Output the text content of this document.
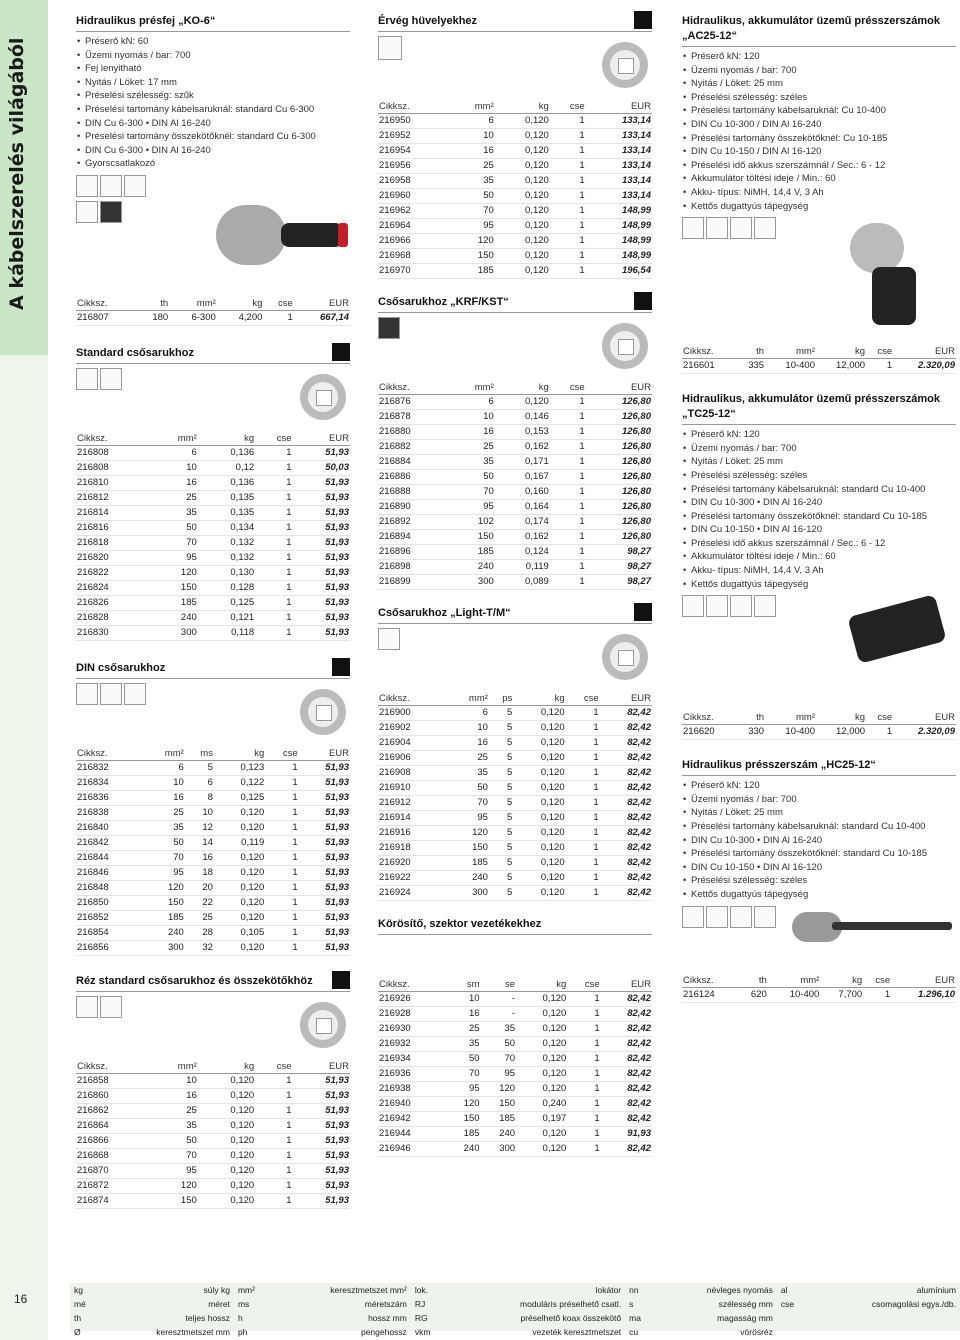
A kábelszerelés világából
16
Hidraulikus présfej „KO-6“
• Préserő kN: 60
• Üzemi nyomás / bar: 700
• Fej lenyitható
• Nyitás / Löket: 17 mm
• Préselési szélesség: szűk
• Préselési tartomány kábelsaruknál: standard Cu 6-300
• DIN Cu 6-300 • DIN Al 16-240
• Préselési tartomány összekötőknél: standard Cu 6-300
• DIN Cu 6-300 • DIN Al 16-240
• Gyorscsatlakozó
Cikksz.	th	mm²	kg	cse	EUR
216807	180	6-300	4,200	1	667,14
Standard csősarukhoz
Cikksz.	mm²	kg	cse	EUR
216808	6	0,136	1	51,93
216808	10	0,12	1	50,03
216810	16	0,136	1	51,93
216812	25	0,135	1	51,93
216814	35	0,135	1	51,93
216816	50	0,134	1	51,93
216818	70	0,132	1	51,93
216820	95	0,132	1	51,93
216822	120	0,130	1	51,93
216824	150	0,128	1	51,93
216826	185	0,125	1	51,93
216828	240	0,121	1	51,93
216830	300	0,118	1	51,93
DIN csősarukhoz
Cikksz.	mm²	ms	kg	cse	EUR
216832	6	5	0,123	1	51,93
216834	10	6	0,122	1	51,93
216836	16	8	0,125	1	51,93
216838	25	10	0,120	1	51,93
216840	35	12	0,120	1	51,93
216842	50	14	0,119	1	51,93
216844	70	16	0,120	1	51,93
216846	95	18	0,120	1	51,93
216848	120	20	0,120	1	51,93
216850	150	22	0,120	1	51,93
216852	185	25	0,120	1	51,93
216854	240	28	0,105	1	51,93
216856	300	32	0,120	1	51,93
Réz standard csősarukhoz és összekötőkhöz
Cikksz.	mm²	kg	cse	EUR
216858	10	0,120	1	51,93
216860	16	0,120	1	51,93
216862	25	0,120	1	51,93
216864	35	0,120	1	51,93
216866	50	0,120	1	51,93
216868	70	0,120	1	51,93
216870	95	0,120	1	51,93
216872	120	0,120	1	51,93
216874	150	0,120	1	51,93
Érvég hüvelyekhez
Cikksz.	mm²	kg	cse	EUR
216950	6	0,120	1	133,14
216952	10	0,120	1	133,14
216954	16	0,120	1	133,14
216956	25	0,120	1	133,14
216958	35	0,120	1	133,14
216960	50	0,120	1	133,14
216962	70	0,120	1	148,99
216964	95	0,120	1	148,99
216966	120	0,120	1	148,99
216968	150	0,120	1	148,99
216970	185	0,120	1	196,54
Csősarukhoz „KRF/KST“
Cikksz.	mm²	kg	cse	EUR
216876	6	0,120	1	126,80
216878	10	0,146	1	126,80
216880	16	0,153	1	126,80
216882	25	0,162	1	126,80
216884	35	0,171	1	126,80
216886	50	0,167	1	126,80
216888	70	0,160	1	126,80
216890	95	0,164	1	126,80
216892	102	0,174	1	126,80
216894	150	0,162	1	126,80
216896	185	0,124	1	98,27
216898	240	0,119	1	98,27
216899	300	0,089	1	98,27
Csősarukhoz „Light-T/M“
Cikksz.	mm²	ps	kg	cse	EUR
216900	6	5	0,120	1	82,42
216902	10	5	0,120	1	82,42
216904	16	5	0,120	1	82,42
216906	25	5	0,120	1	82,42
216908	35	5	0,120	1	82,42
216910	50	5	0,120	1	82,42
216912	70	5	0,120	1	82,42
216914	95	5	0,120	1	82,42
216916	120	5	0,120	1	82,42
216918	150	5	0,120	1	82,42
216920	185	5	0,120	1	82,42
216922	240	5	0,120	1	82,42
216924	300	5	0,120	1	82,42
Körösítő, szektor vezetékekhez
Cikksz.	sm	se	kg	cse	EUR
216926	10	-	0,120	1	82,42
216928	16	-	0,120	1	82,42
216930	25	35	0,120	1	82,42
216932	35	50	0,120	1	82,42
216934	50	70	0,120	1	82,42
216936	70	95	0,120	1	82,42
216938	95	120	0,120	1	82,42
216940	120	150	0,240	1	82,42
216942	150	185	0,197	1	82,42
216944	185	240	0,120	1	91,93
216946	240	300	0,120	1	82,42
Hidraulikus, akkumulátor üzemű présszerszámok „AC25-12“
• Préserő kN: 120
• Üzemi nyomás / bar: 700
• Nyitás / Löket: 25 mm
• Préselési szélesség: széles
• Préselési tartomány kábelsaruknál: Cu 10-400
• DIN Cu 10-300 / DIN Al 16-240
• Préselési tartomány összekötőknél: Cu 10-185
• DIN Cu 10-150 / DIN Al 16-120
• Préselési idő akkus szerszámnál / Sec.: 6 - 12
• Akkumulátor töltési ideje / Min.: 60
• Akku- típus: NiMH, 14,4 V, 3 Ah
• Kettős dugattyús tápegység
Cikksz.	th	mm²	kg	cse	EUR
216601	335	10-400	12,000	1	2.320,09
Hidraulikus, akkumulátor üzemű présszerszámok „TC25-12“
• Préserő kN: 120
• Üzemi nyomás / bar: 700
• Nyitás / Löket: 25 mm
• Préselési szélesség: széles
• Préselési tartomány kábelsaruknál: standard Cu 10-400
• DIN Cu 10-300 • DIN Al 16-240
• Préselési tartomány összekötőknél: standard Cu 10-185
• DIN Cu 10-150 • DIN Al 16-120
• Préselési idő akkus szerszámnál / Sec.: 6 - 12
• Akkumulátor töltési ideje / Min.: 60
• Akku- típus: NiMH, 14,4 V, 3 Ah
• Kettős dugattyús tápegység
Cikksz.	th	mm²	kg	cse	EUR
216620	330	10-400	12,000	1	2.320,09
Hidraulikus présszerszám „HC25-12“
• Préserő kN: 120
• Üzemi nyomás / bar: 700
• Nyitás / Löket: 25 mm
• Préselési tartomány kábelsaruknál: standard Cu 10-400
• DIN Cu 10-300 • DIN Al 16-240
• Préselési tartomány összekötőknél: standard Cu 10-185
• DIN Cu 10-150 • DIN Al 16-120
• Préselési szélesség: széles
• Kettős dugattyús tápegység
Cikksz.	th	mm²	kg	cse	EUR
216124	620	10-400	7,700	1	1.296,10
kg	súly kg	mm²	keresztmetszet mm²	lok.	lokátor	nn	névleges nyomás	al	alumínium
mé	méret	ms	méretszám	RJ	moduláris préselhető csatl.	s	szélesség mm	cse	csomagolási egys./db.
th	teljes hossz	h	hossz mm	RG	préselhető koax összekötő	ma	magasság mm		
Ø	keresztmetszet mm	ph	pengehossz	vkm	vezeték keresztmetszet	cu	vörösréz		
